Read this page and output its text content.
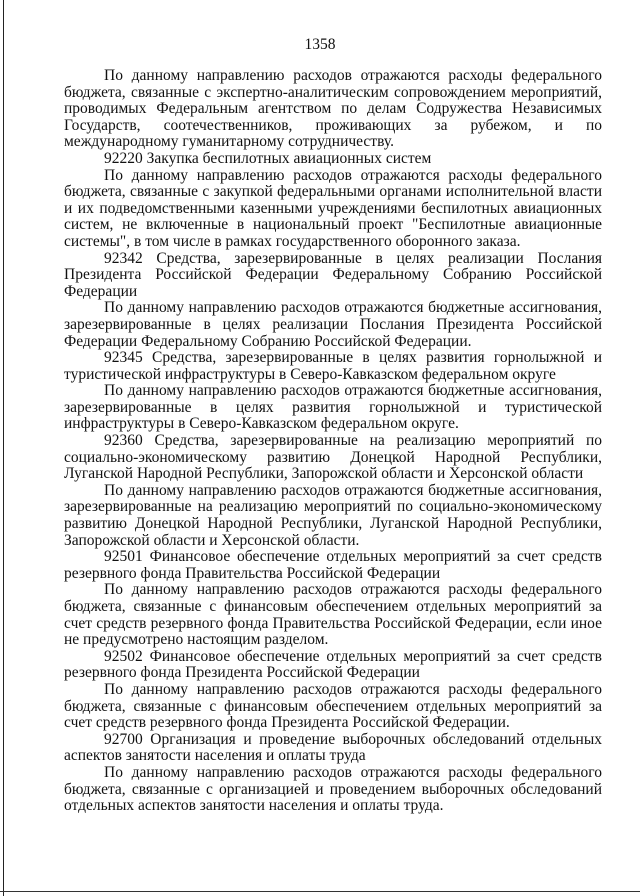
1358

По данному направлению расходов отражаются расходы федерального бюджета, связанные с экспертно-аналитическим сопровождением мероприятий, проводимых Федеральным агентством по делам Содружества Независимых Государств, соотечественников, проживающих за рубежом, и по международному гуманитарному сотрудничеству.

92220 Закупка беспилотных авиационных систем

По данному направлению расходов отражаются расходы федерального бюджета, связанные с закупкой федеральными органами исполнительной власти и их подведомственными казенными учреждениями беспилотных авиационных систем, не включенные в национальный проект "Беспилотные авиационные системы", в том числе в рамках государственного оборонного заказа.

92342 Средства, зарезервированные в целях реализации Послания Президента Российской Федерации Федеральному Собранию Российской Федерации

По данному направлению расходов отражаются бюджетные ассигнования, зарезервированные в целях реализации Послания Президента Российской Федерации Федеральному Собранию Российской Федерации.

92345 Средства, зарезервированные в целях развития горнолыжной и туристической инфраструктуры в Северо-Кавказском федеральном округе

По данному направлению расходов отражаются бюджетные ассигнования, зарезервированные в целях развития горнолыжной и туристической инфраструктуры в Северо-Кавказском федеральном округе.

92360 Средства, зарезервированные на реализацию мероприятий по социально-экономическому развитию Донецкой Народной Республики, Луганской Народной Республики, Запорожской области и Херсонской области

По данному направлению расходов отражаются бюджетные ассигнования, зарезервированные на реализацию мероприятий по социально-экономическому развитию Донецкой Народной Республики, Луганской Народной Республики, Запорожской области и Херсонской области.

92501 Финансовое обеспечение отдельных мероприятий за счет средств резервного фонда Правительства Российской Федерации

По данному направлению расходов отражаются расходы федерального бюджета, связанные с финансовым обеспечением отдельных мероприятий за счет средств резервного фонда Правительства Российской Федерации, если иное не предусмотрено настоящим разделом.

92502 Финансовое обеспечение отдельных мероприятий за счет средств резервного фонда Президента Российской Федерации

По данному направлению расходов отражаются расходы федерального бюджета, связанные с финансовым обеспечением отдельных мероприятий за счет средств резервного фонда Президента Российской Федерации.

92700 Организация и проведение выборочных обследований отдельных аспектов занятости населения и оплаты труда

По данному направлению расходов отражаются расходы федерального бюджета, связанные с организацией и проведением выборочных обследований отдельных аспектов занятости населения и оплаты труда.
